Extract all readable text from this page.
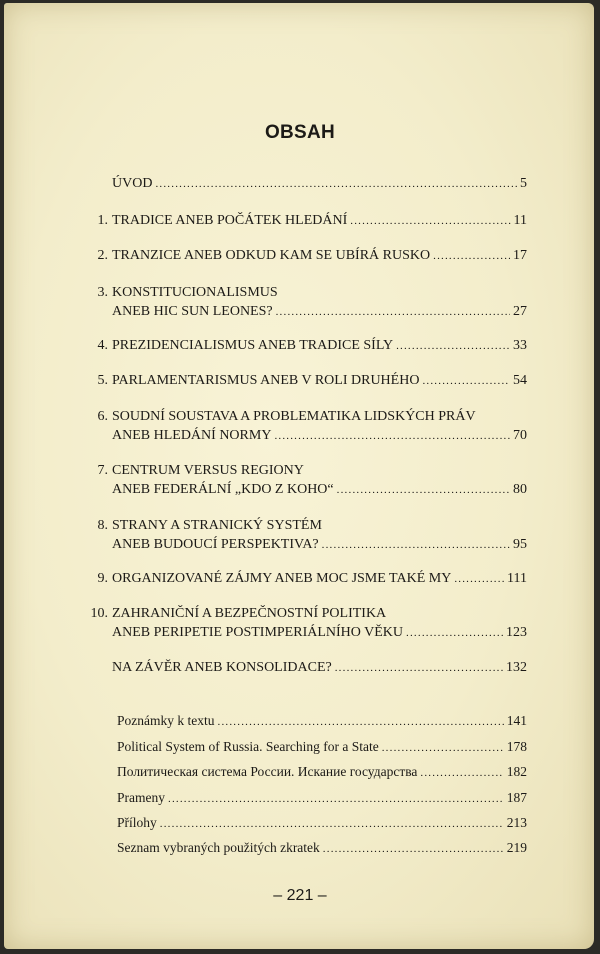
OBSAH
ÚVOD .....	5
1. TRADICE ANEB POČÁTEK HLEDÁNÍ .....	11
2. TRANZICE ANEB ODKUD KAM SE UBÍRÁ RUSKO .....	17
3. KONSTITUCIONALISMUS
ANEB HIC SUN LEONES? .....	27
4. PREZIDENCIALISMUS ANEB TRADICE SÍLY .....	33
5. PARLAMENTARISMUS ANEB V ROLI DRUHÉHO .....	54
6. SOUDNÍ SOUSTAVA A PROBLEMATIKA LIDSKÝCH PRÁV
ANEB HLEDÁNÍ NORMY .....	70
7. CENTRUM VERSUS REGIONY
ANEB FEDERÁLNÍ „KDO Z KOHO“ .....	80
8. STRANY A STRANICKÝ SYSTÉM
ANEB BUDOUCÍ PERSPEKTIVA? .....	95
9. ORGANIZOVANÉ ZÁJMY ANEB MOC JSME TAKÉ MY .....	111
10. ZAHRANIČNÍ A BEZPEČNOSTNÍ POLITIKA
ANEB PERIPETIE POSTIMPERIÁLNÍHO VĚKU .....	123
NA ZÁVĚR ANEB KONSOLIDACE? .....	132
Poznámky k textu .....	141
Political System of Russia. Searching for a State .....	178
Политическая система России. Искание государства .....	182
Prameny .....	187
Přílohy .....	213
Seznam vybraných použitých zkratek .....	219
– 221 –
